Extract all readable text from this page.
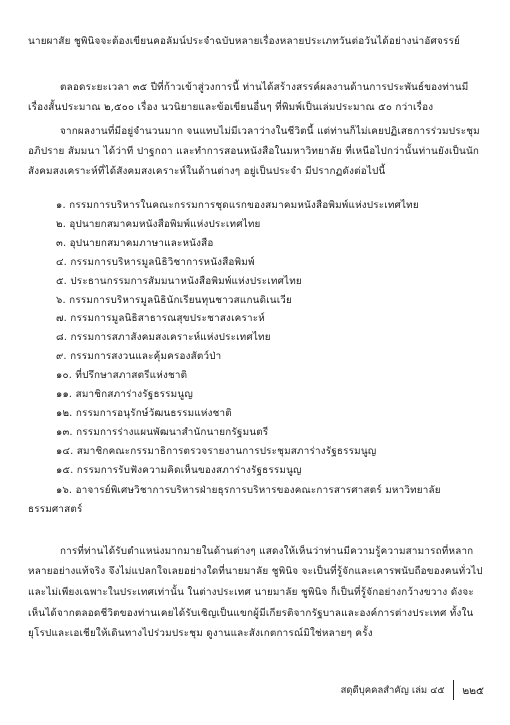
นายผาสัย ชูพินิจจะต้องเขียนคอลัมน์ประจำฉบับหลายเรื่องหลายประเภทวันต่อวันได้อย่างน่าอัศจรรย์

ตลอดระยะเวลา ๓๕ ปีที่ก้าวเข้าสู่วงการนี้ ท่านได้สร้างสรรค์ผลงานด้านการประพันธ์ของท่านมีเรื่องสั้นประมาณ ๒,๕๐๐ เรื่อง นวนิยายและข้อเขียนอื่นๆ ที่พิมพ์เป็นเล่มประมาณ ๕๐ กว่าเรื่อง

จากผลงานที่มีอยู่จำนวนมาก จนแทบไม่มีเวลาว่างในชีวิตนี้ แต่ท่านก็ไม่เคยปฏิเสธการร่วมประชุม อภิปราย สัมมนา ได้ว่าที ปาฐกถา และทำการสอนหนังสือในมหาวิทยาลัย ที่เหนือไปกว่านั้นท่านยังเป็นนักสังคมสงเคราะห์ที่ได้สังคมสงเคราะห์ในด้านต่างๆ อยู่เป็นประจำ มีปรากฏดังต่อไปนี้

๑. กรรมการบริหารในคณะกรรมการชุดแรกของสมาคมหนังสือพิมพ์แห่งประเทศไทย
๒. อุปนายกสมาคมหนังสือพิมพ์แห่งประเทศไทย
๓. อุปนายกสมาคมภาษาและหนังสือ
๔. กรรมการบริหารมูลนิธิวิชาการหนังสือพิมพ์
๕. ประธานกรรมการสัมมนาหนังสือพิมพ์แห่งประเทศไทย
๖. กรรมการบริหารมูลนิธินักเรียนทุนชาวสแกนดิเนเวีย
๗. กรรมการมูลนิธิสาธารณสุขประชาสงเคราะห์
๘. กรรมการสภาสังคมสงเคราะห์แห่งประเทศไทย
๙. กรรมการสงวนและคุ้มครองสัตว์ป่า
๑๐. ที่ปรึกษาสภาสตรีแห่งชาติ
๑๑. สมาชิกสภาร่างรัฐธรรมนูญ
๑๒. กรรมการอนุรักษ์วัฒนธรรมแห่งชาติ
๑๓. กรรมการร่างแผนพัฒนาสำนักนายกรัฐมนตรี
๑๔. สมาชิกคณะกรรมาธิการตรวจรายงานการประชุมสภาร่างรัฐธรรมนูญ
๑๕. กรรมการรับฟังความคิดเห็นของสภาร่างรัฐธรรมนูญ
๑๖. อาจารย์พิเศษวิชาการบริหารฝ่ายธุรการบริหารของคณะการสารศาสตร์ มหาวิทยาลัยธรรมศาสตร์

การที่ท่านได้รับตำแหน่งมากมายในด้านต่างๆ แสดงให้เห็นว่าท่านมีความรู้ความสามารถที่หลากหลายอย่างแท้จริง จึงไม่แปลกใจเลยอย่างใดที่นายมาลัย ชูพินิจ จะเป็นที่รู้จักและเคารพนับถือของคนทั่วไปและไม่เพียงเฉพาะในประเทศเท่านั้น ในต่างประเทศ นายมาลัย ชูพินิจ ก็เป็นที่รู้จักอย่างกว้างขวาง ดังจะเห็นได้จากตลอดชีวิตของท่านเคยได้รับเชิญเป็นแขกผู้มีเกียรติจากรัฐบาลและองค์การต่างประเทศ ทั้งในยุโรปและเอเชียให้เดินทางไปร่วมประชุม ดูงานและสังเกตการณ์มิใช่หลายๆ ครั้ง

สดุดีบุคคลสำคัญ เล่ม ๔๕ ๒๒๕
